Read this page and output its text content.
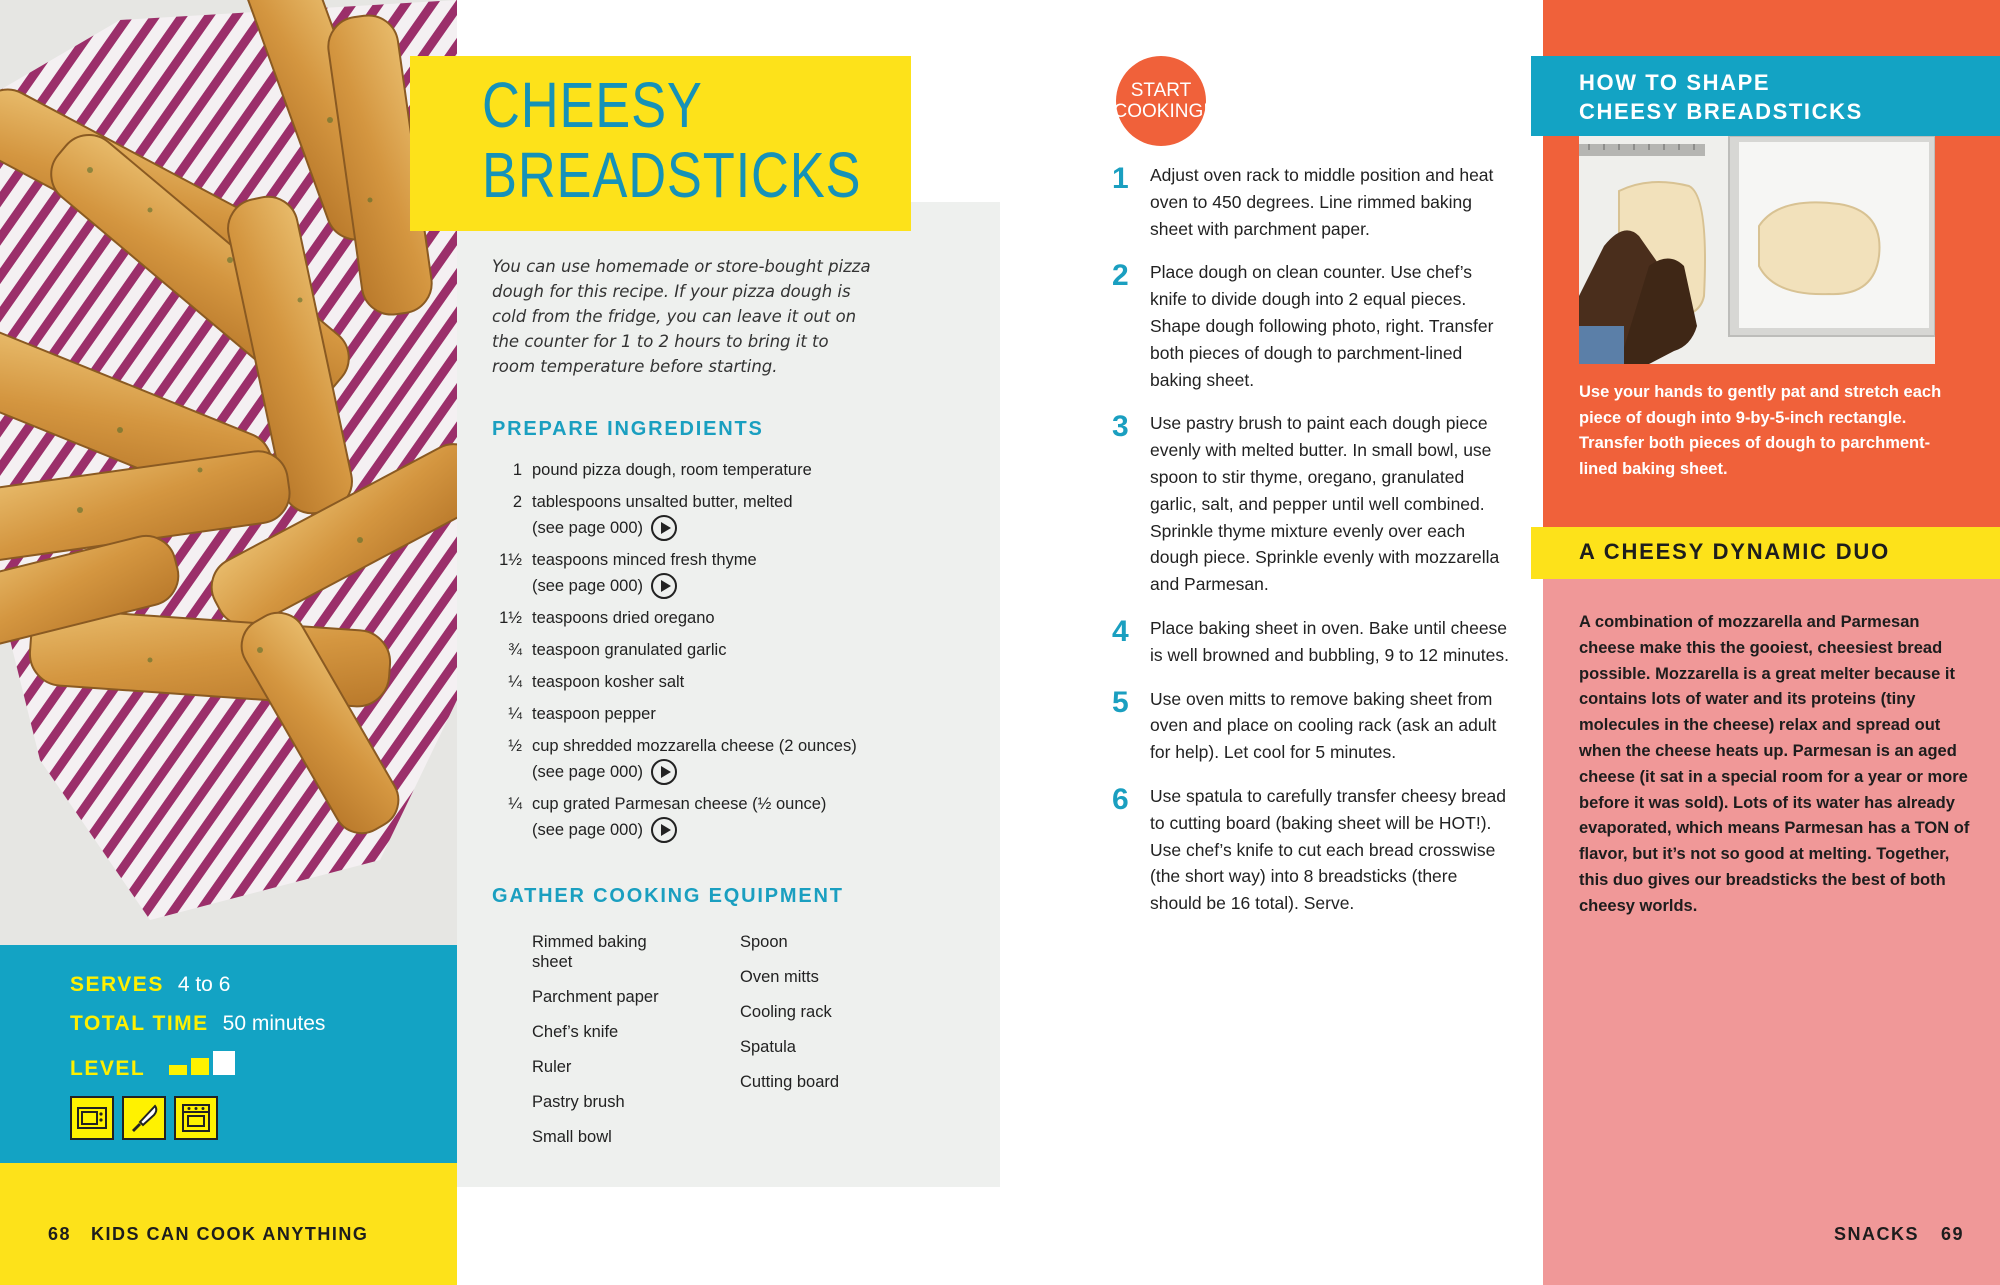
SERVES 4 to 6
TOTAL TIME 50 minutes
LEVEL
68 KIDS CAN COOK ANYTHING
CHEESY
BREADSTICKS

You can use homemade or store-bought pizza dough for this recipe. If your pizza dough is cold from the fridge, you can leave it out on the counter for 1 to 2 hours to bring it to room temperature before starting.

PREPARE INGREDIENTS
1 pound pizza dough, room temperature
2 tablespoons unsalted butter, melted
(see page 000)
1½ teaspoons minced fresh thyme
(see page 000)
1½ teaspoons dried oregano
¾ teaspoon granulated garlic
¼ teaspoon kosher salt
¼ teaspoon pepper
½ cup shredded mozzarella cheese (2 ounces)
(see page 000)
¼ cup grated Parmesan cheese (½ ounce)
(see page 000)
GATHER COOKING EQUIPMENT
Rimmed baking sheet
Parchment paper
Chef’s knife
Ruler
Pastry brush
Small bowl
Spoon
Oven mitts
Cooling rack
Spatula
Cutting board
START
COOKING!
1	Adjust oven rack to middle position and heat oven to 450 degrees. Line rimmed baking sheet with parchment paper.
2	Place dough on clean counter. Use chef’s knife to divide dough into 2 equal pieces. Shape dough following photo, right. Transfer both pieces of dough to parchment-lined baking sheet.
3	Use pastry brush to paint each dough piece evenly with melted butter. In small bowl, use spoon to stir thyme, oregano, granulated garlic, salt, and pepper until well combined. Sprinkle thyme mixture evenly over each dough piece. Sprinkle evenly with mozzarella and Parmesan.
4	Place baking sheet in oven. Bake until cheese is well browned and bubbling, 9 to 12 minutes.
5	Use oven mitts to remove baking sheet from oven and place on cooling rack (ask an adult for help). Let cool for 5 minutes.
6	Use spatula to carefully transfer cheesy bread to cutting board (baking sheet will be HOT!). Use chef’s knife to cut each bread crosswise (the short way) into 8 breadsticks (there should be 16 total). Serve.
HOW TO SHAPE
CHEESY BREADSTICKS

Use your hands to gently pat and stretch each piece of dough into 9-by-5-inch rectangle. Transfer both pieces of dough to parchment-lined baking sheet.

A CHEESY DYNAMIC DUO

A combination of mozzarella and Parmesan cheese make this the gooiest, cheesiest bread possible. Mozzarella is a great melter because it contains lots of water and its proteins (tiny molecules in the cheese) relax and spread out when the cheese heats up. Parmesan is an aged cheese (it sat in a special room for a year or more before it was sold). Lots of its water has already evaporated, which means Parmesan has a TON of flavor, but it’s not so good at melting. Together, this duo gives our breadsticks the best of both cheesy worlds.

SNACKS 69
